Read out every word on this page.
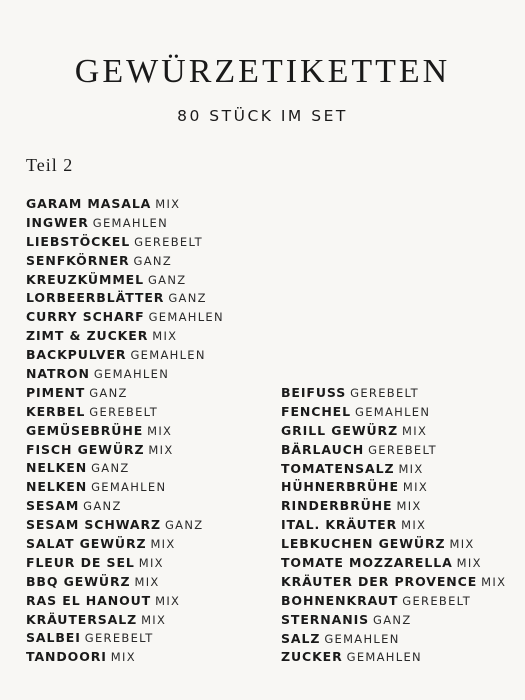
GEWÜRZETIKETTEN
80 STÜCK IM SET
Teil 2
GARAM MASALA MIX
INGWER GEMAHLEN
LIEBSTÖCKEL GEREBELT
SENFKÖRNER GANZ
KREUZKÜMMEL GANZ
LORBEERBLÄTTER GANZ
CURRY SCHARF GEMAHLEN
ZIMT & ZUCKER MIX
BACKPULVER GEMAHLEN
NATRON GEMAHLEN
PIMENT GANZ
KERBEL GEREBELT
GEMÜSEBRÜHE MIX
FISCH GEWÜRZ MIX
NELKEN GANZ
NELKEN GEMAHLEN
SESAM GANZ
SESAM SCHWARZ GANZ
SALAT GEWÜRZ MIX
FLEUR DE SEL MIX
BBQ GEWÜRZ MIX
RAS EL HANOUT MIX
KRÄUTERSALZ MIX
SALBEI GEREBELT
TANDOORI MIX
BEIFUSS GEREBELT
FENCHEL GEMAHLEN
GRILL GEWÜRZ MIX
BÄRLAUCH GEREBELT
TOMATENSALZ MIX
HÜHNERBRÜHE MIX
RINDERBRÜHE MIX
ITAL. KRÄUTER MIX
LEBKUCHEN GEWÜRZ MIX
TOMATE MOZZARELLA MIX
KRÄUTER DER PROVENCE MIX
BOHNENKRAUT GEREBELT
STERNANIS GANZ
SALZ GEMAHLEN
ZUCKER GEMAHLEN
